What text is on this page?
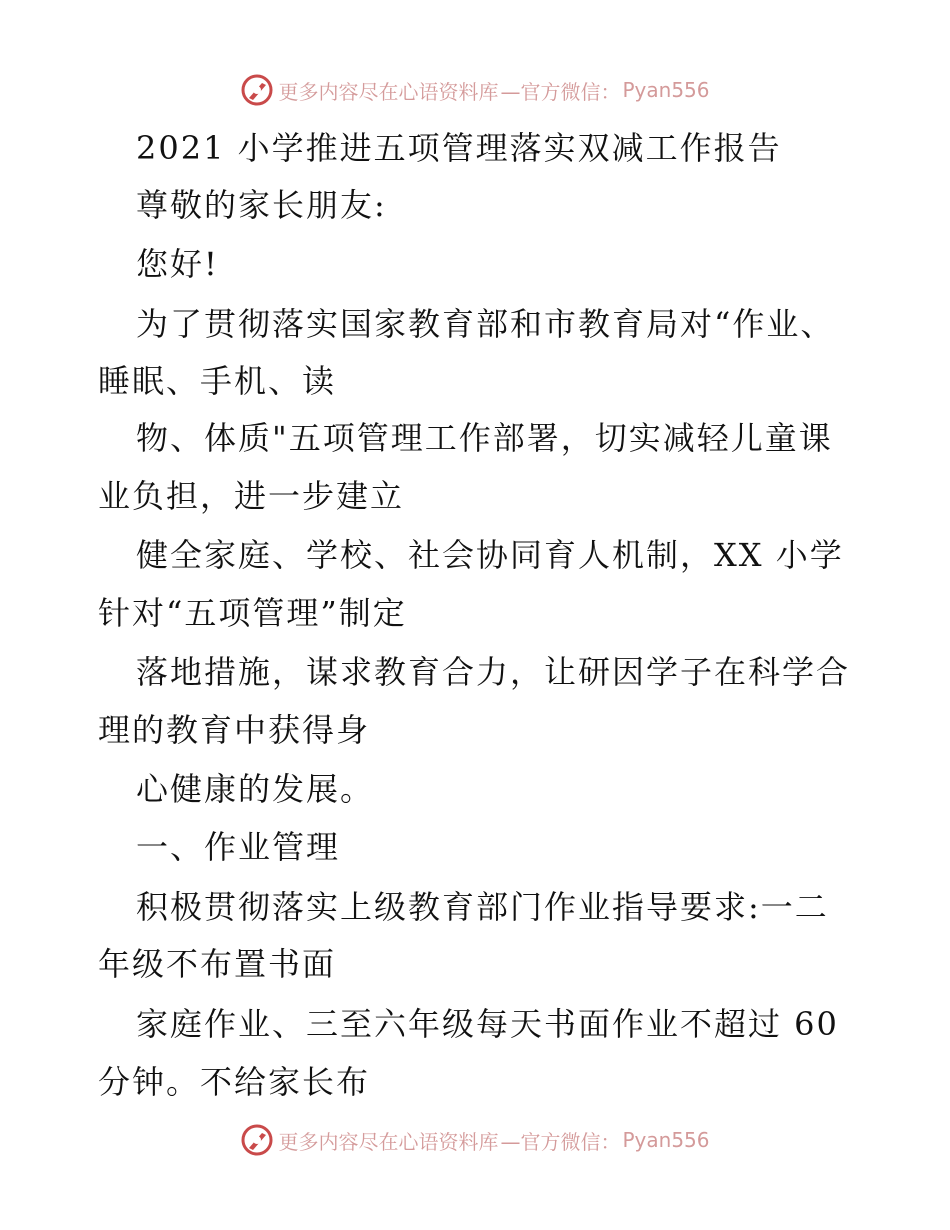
更多内容尽在心语资料库 —官方微信： Pyan556
2021 小学推进五项管理落实双减工作报告
尊敬的家长朋友:
您好!
为了贯彻落实国家教育部和市教育局对“作业、
睡眠、手机、读
物、体质"五项管理工作部署，切实减轻儿童课
业负担，进一步建立
健全家庭、学校、社会协同育人机制，XX 小学
针对“五项管理”制定
落地措施，谋求教育合力，让研因学子在科学合
理的教育中获得身
心健康的发展。
一、作业管理
积极贯彻落实上级教育部门作业指导要求:一二
年级不布置书面
家庭作业、三至六年级每天书面作业不超过 60
分钟。不给家长布
更多内容尽在心语资料库 —官方微信： Pyan556
